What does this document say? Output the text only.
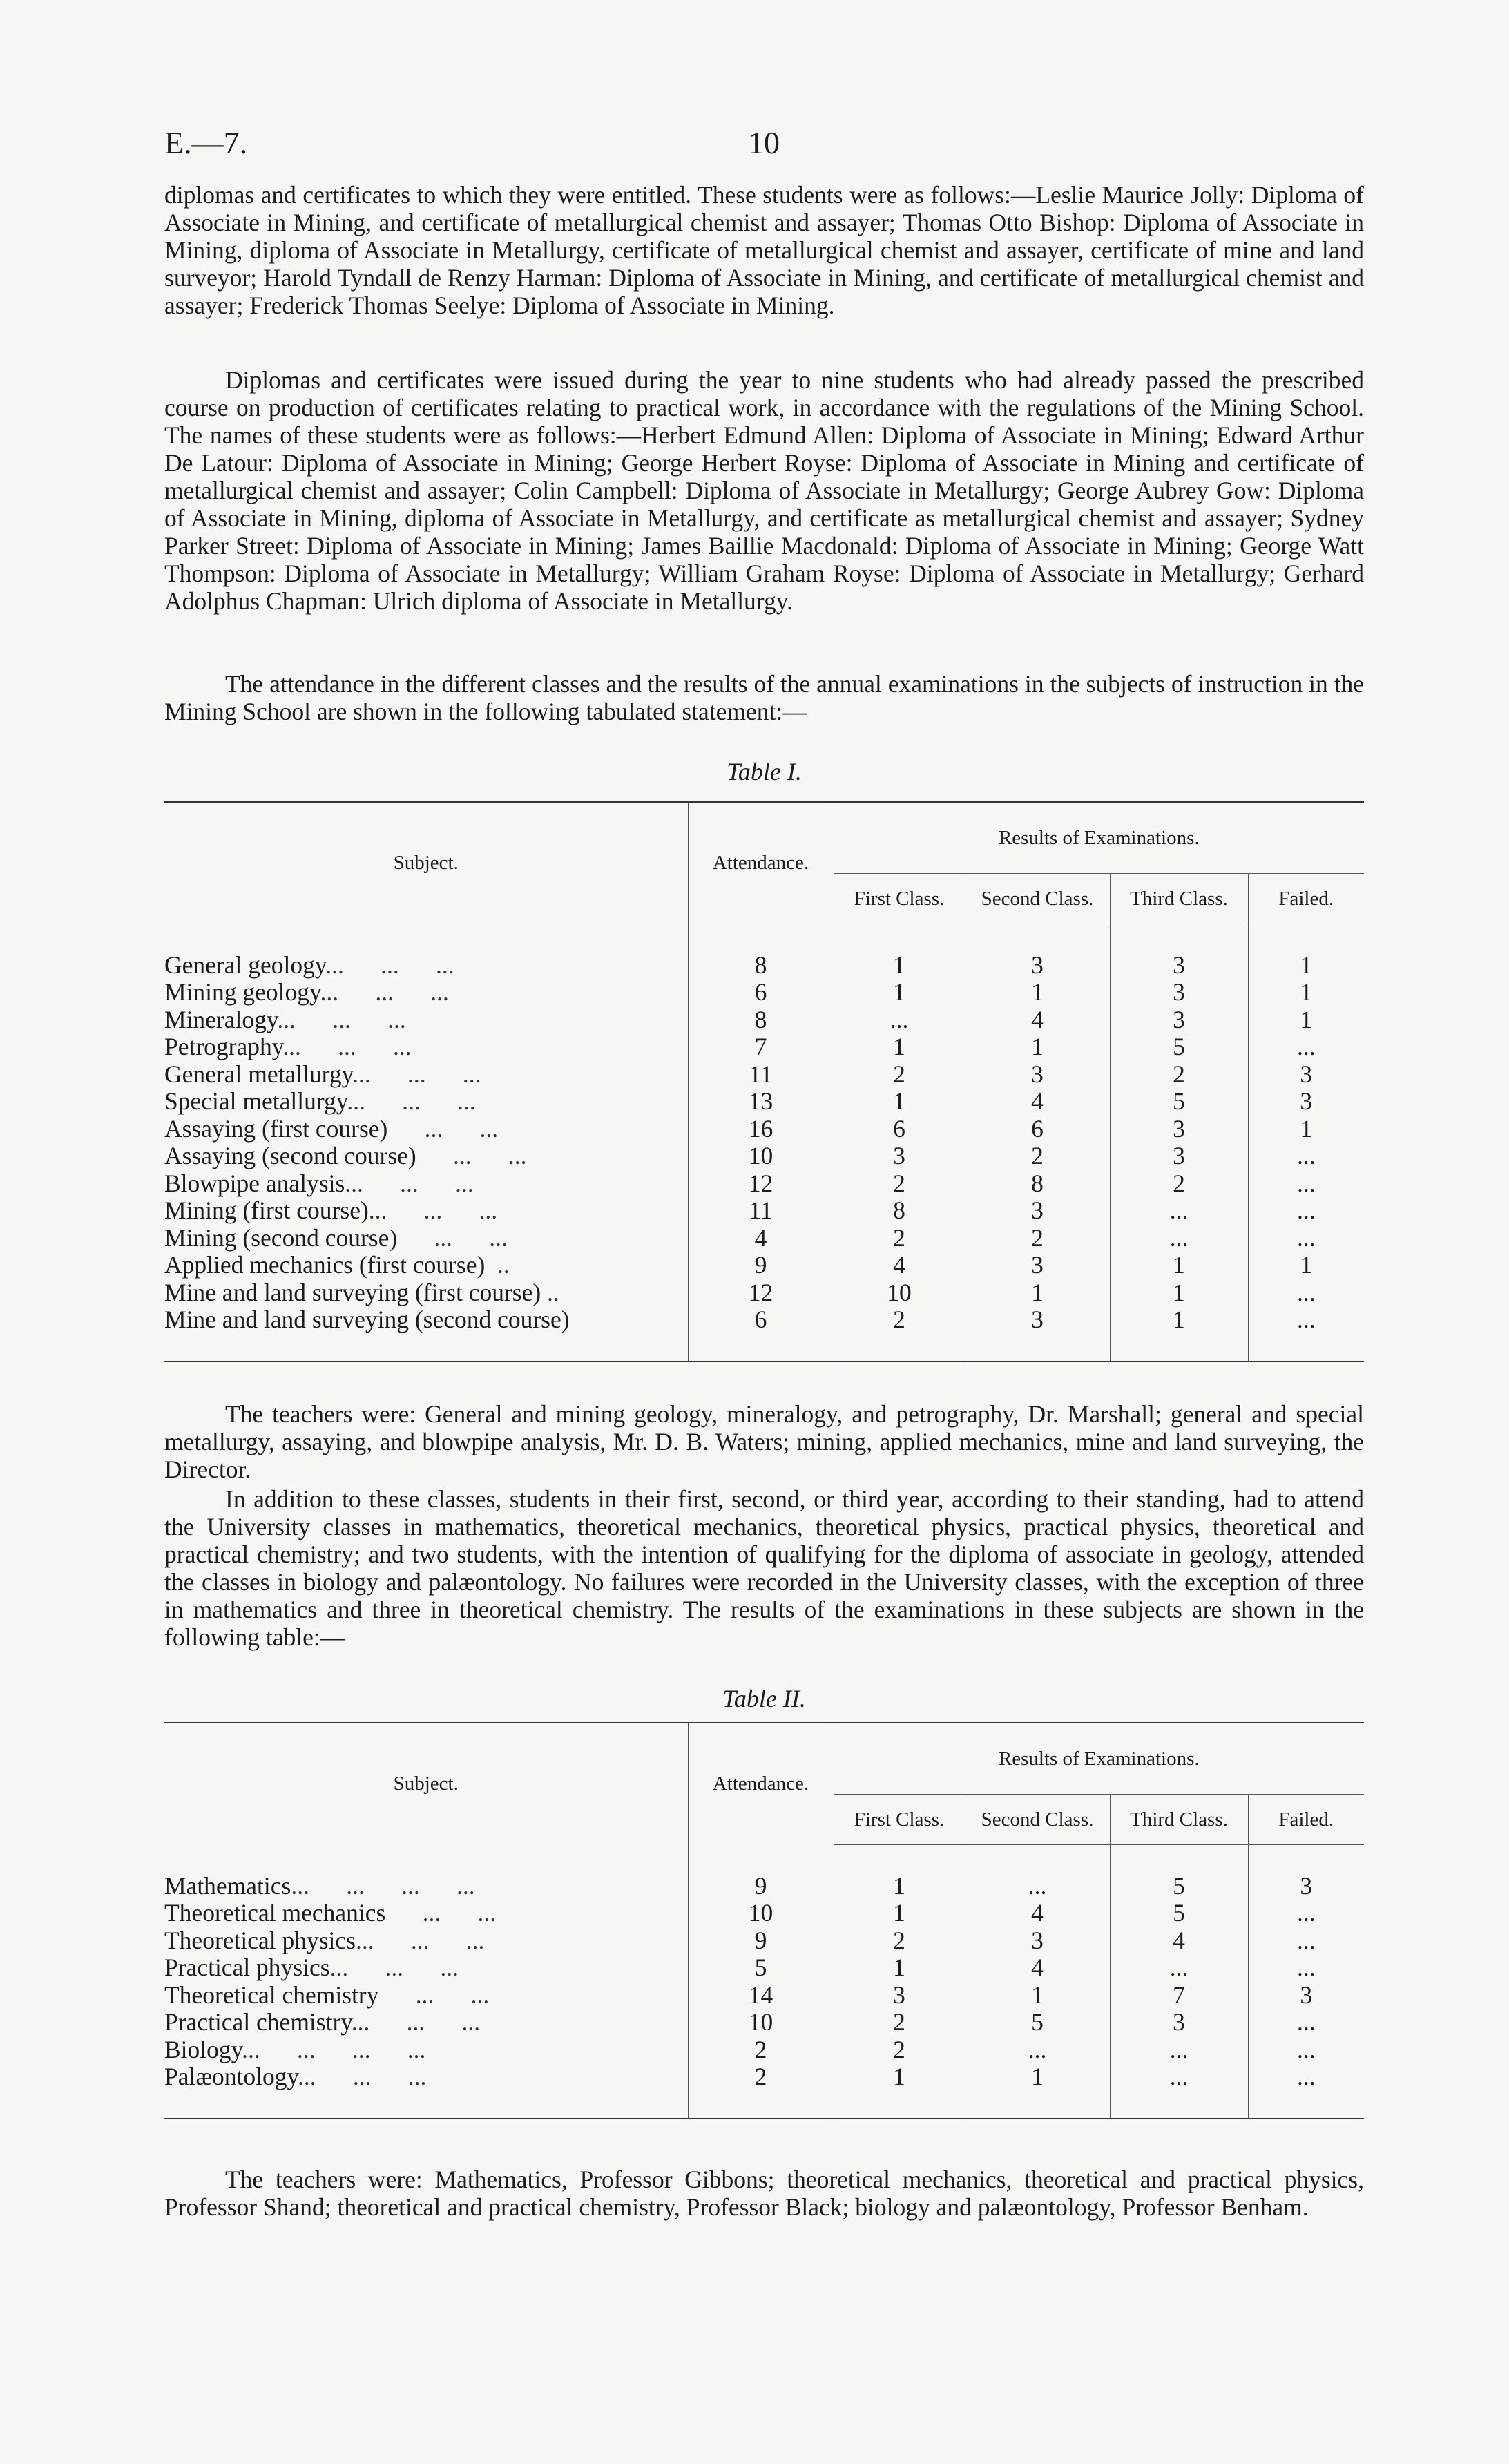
E.—7.	10

diplomas and certificates to which they were entitled. These students were as follows:—Leslie Maurice Jolly: Diploma of Associate in Mining, and certificate of metallurgical chemist and assayer; Thomas Otto Bishop: Diploma of Associate in Mining, diploma of Associate in Metallurgy, certificate of metallurgical chemist and assayer, certificate of mine and land surveyor; Harold Tyndall de Renzy Harman: Diploma of Associate in Mining, and certificate of metallurgical chemist and assayer; Frederick Thomas Seelye: Diploma of Associate in Mining.

Diplomas and certificates were issued during the year to nine students who had already passed the prescribed course on production of certificates relating to practical work, in accordance with the regulations of the Mining School. The names of these students were as follows:—Herbert Edmund Allen: Diploma of Associate in Mining; Edward Arthur De Latour: Diploma of Associate in Mining; George Herbert Royse: Diploma of Associate in Mining and certificate of metallurgical chemist and assayer; Colin Campbell: Diploma of Associate in Metallurgy; George Aubrey Gow: Diploma of Associate in Mining, diploma of Associate in Metallurgy, and certificate as metallurgical chemist and assayer; Sydney Parker Street: Diploma of Associate in Mining; James Baillie Macdonald: Diploma of Associate in Mining; George Watt Thompson: Diploma of Associate in Metallurgy; William Graham Royse: Diploma of Associate in Metallurgy; Gerhard Adolphus Chapman: Ulrich diploma of Associate in Metallurgy.

The attendance in the different classes and the results of the annual examinations in the subjects of instruction in the Mining School are shown in the following tabulated statement:—

Table I.
Subject.	Attendance.	Results of Examinations.			
		First Class.	Second Class.	Third Class.	Failed.

General geology...      ...      ...	8	1	3	3	1
Mining geology...      ...      ...	6	1	1	3	1
Mineralogy...      ...      ...	8	...	4	3	1
Petrography...      ...      ...	7	1	1	5	...
General metallurgy...      ...      ...	11	2	3	2	3
Special metallurgy...      ...      ...	13	1	4	5	3
Assaying (first course)      ...      ...	16	6	6	3	1
Assaying (second course)      ...      ...	10	3	2	3	...
Blowpipe analysis...      ...      ...	12	2	8	2	...
Mining (first course)...      ...      ...	11	8	3	...	...
Mining (second course)      ...      ...	4	2	2	...	...
Applied mechanics (first course)  ..	9	4	3	1	1
Mine and land surveying (first course) ..	12	10	1	1	...
Mine and land surveying (second course)	6	2	3	1	...

The teachers were: General and mining geology, mineralogy, and petrography, Dr. Marshall; general and special metallurgy, assaying, and blowpipe analysis, Mr. D. B. Waters; mining, applied mechanics, mine and land surveying, the Director.

In addition to these classes, students in their first, second, or third year, according to their standing, had to attend the University classes in mathematics, theoretical mechanics, theoretical physics, practical physics, theoretical and practical chemistry; and two students, with the intention of qualifying for the diploma of associate in geology, attended the classes in biology and palæontology. No failures were recorded in the University classes, with the exception of three in mathematics and three in theoretical chemistry. The results of the examinations in these subjects are shown in the following table:—

Table II.
Subject.	Attendance.	Results of Examinations.			
		First Class.	Second Class.	Third Class.	Failed.

Mathematics...      ...      ...      ...	9	1	...	5	3
Theoretical mechanics      ...      ...	10	1	4	5	...
Theoretical physics...      ...      ...	9	2	3	4	...
Practical physics...      ...      ...	5	1	4	...	...
Theoretical chemistry      ...      ...	14	3	1	7	3
Practical chemistry...      ...      ...	10	2	5	3	...
Biology...      ...      ...      ...	2	2	...	...	...
Palæontology...      ...      ...	2	1	1	...	...

The teachers were: Mathematics, Professor Gibbons; theoretical mechanics, theoretical and practical physics, Professor Shand; theoretical and practical chemistry, Professor Black; biology and palæontology, Professor Benham.
